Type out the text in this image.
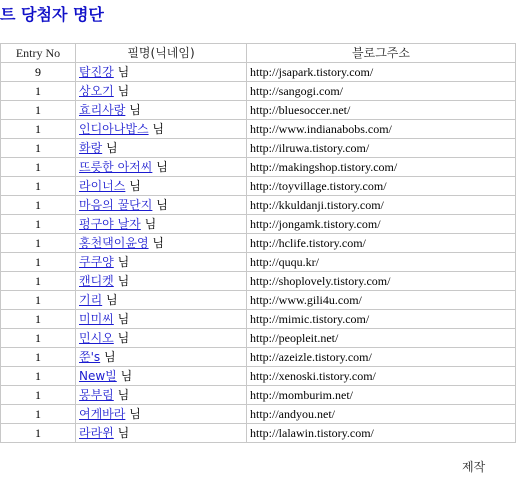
트 당첨자 명단
Entry No	필명(닉네임)	블로그주소
9	탐진강 님	http://jsapark.tistory.com/
1	상오기 님	http://sangogi.com/
1	효리사랑 님	http://bluesoccer.net/
1	인디아나밥스 님	http://www.indianabobs.com/
1	화랑 님	http://ilruwa.tistory.com/
1	뜨릇한 아저씨 님	http://makingshop.tistory.com/
1	라이너스 님	http://toyvillage.tistory.com/
1	마음의 꿀단지 님	http://kkuldanji.tistory.com/
1	펑구야 날자 님	http://jongamk.tistory.com/
1	홍천댁이윤영 님	http://hclife.tistory.com/
1	쿠쿠양 님	http://ququ.kr/
1	캔디켓 님	http://shoplovely.tistory.com/
1	기리 님	http://www.gili4u.com/
1	미미씨 님	http://mimic.tistory.com/
1	민시오 님	http://peopleit.net/
1	쭌's 님	http://azeizle.tistory.com/
1	New빌 님	http://xenoski.tistory.com/
1	몽부림 님	http://momburim.net/
1	여게바라 님	http://andyou.net/
1	라라윈 님	http://lalawin.tistory.com/
제작
